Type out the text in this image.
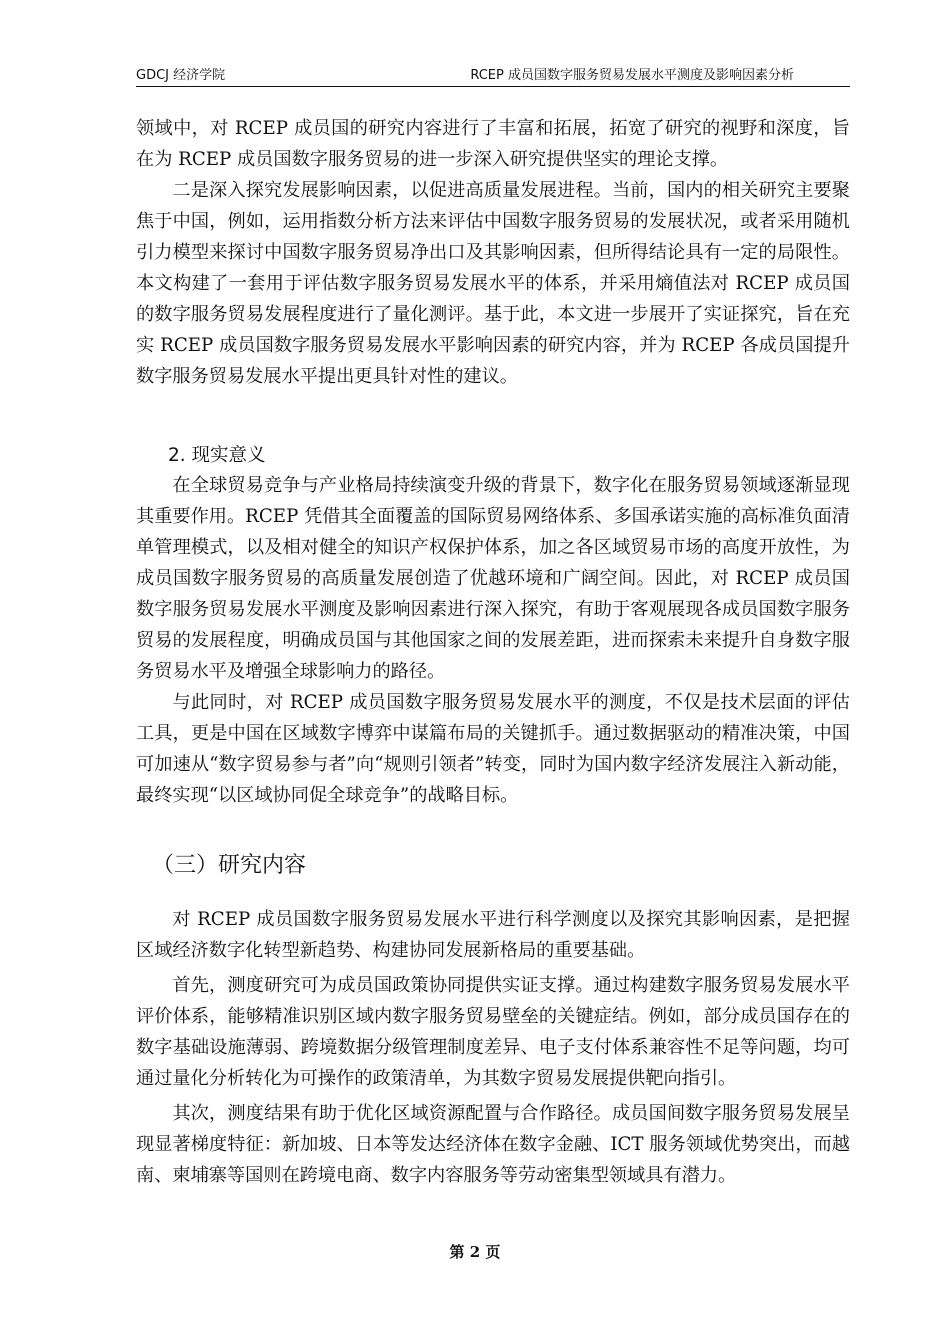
GDCJ 经济学院	RCEP 成员国数字服务贸易发展水平测度及影响因素分析

领域中，对 RCEP 成员国的研究内容进行了丰富和拓展，拓宽了研究的视野和深度，旨在为 RCEP 成员国数字服务贸易的进一步深入研究提供坚实的理论支撑。

二是深入探究发展影响因素，以促进高质量发展进程。当前，国内的相关研究主要聚焦于中国，例如，运用指数分析方法来评估中国数字服务贸易的发展状况，或者采用随机引力模型来探讨中国数字服务贸易净出口及其影响因素，但所得结论具有一定的局限性。本文构建了一套用于评估数字服务贸易发展水平的体系，并采用熵值法对 RCEP 成员国的数字服务贸易发展程度进行了量化测评。基于此，本文进一步展开了实证探究，旨在充实 RCEP 成员国数字服务贸易发展水平影响因素的研究内容，并为 RCEP 各成员国提升数字服务贸易发展水平提出更具针对性的建议。

2. 现实意义

在全球贸易竞争与产业格局持续演变升级的背景下，数字化在服务贸易领域逐渐显现其重要作用。RCEP 凭借其全面覆盖的国际贸易网络体系、多国承诺实施的高标准负面清单管理模式，以及相对健全的知识产权保护体系，加之各区域贸易市场的高度开放性，为成员国数字服务贸易的高质量发展创造了优越环境和广阔空间。因此，对 RCEP 成员国数字服务贸易发展水平测度及影响因素进行深入探究，有助于客观展现各成员国数字服务贸易的发展程度，明确成员国与其他国家之间的发展差距，进而探索未来提升自身数字服务贸易水平及增强全球影响力的路径。

与此同时，对 RCEP 成员国数字服务贸易发展水平的测度，不仅是技术层面的评估工具，更是中国在区域数字博弈中谋篇布局的关键抓手。通过数据驱动的精准决策，中国可加速从“数字贸易参与者”向“规则引领者”转变，同时为国内数字经济发展注入新动能，最终实现“以区域协同促全球竞争”的战略目标。

（三）研究内容

对 RCEP 成员国数字服务贸易发展水平进行科学测度以及探究其影响因素，是把握区域经济数字化转型新趋势、构建协同发展新格局的重要基础。

首先，测度研究可为成员国政策协同提供实证支撑。通过构建数字服务贸易发展水平评价体系，能够精准识别区域内数字服务贸易壁垒的关键症结。例如，部分成员国存在的数字基础设施薄弱、跨境数据分级管理制度差异、电子支付体系兼容性不足等问题，均可通过量化分析转化为可操作的政策清单，为其数字贸易发展提供靶向指引。

其次，测度结果有助于优化区域资源配置与合作路径。成员国间数字服务贸易发展呈现显著梯度特征：新加坡、日本等发达经济体在数字金融、ICT 服务领域优势突出，而越南、柬埔寨等国则在跨境电商、数字内容服务等劳动密集型领域具有潜力。

第 2 页
